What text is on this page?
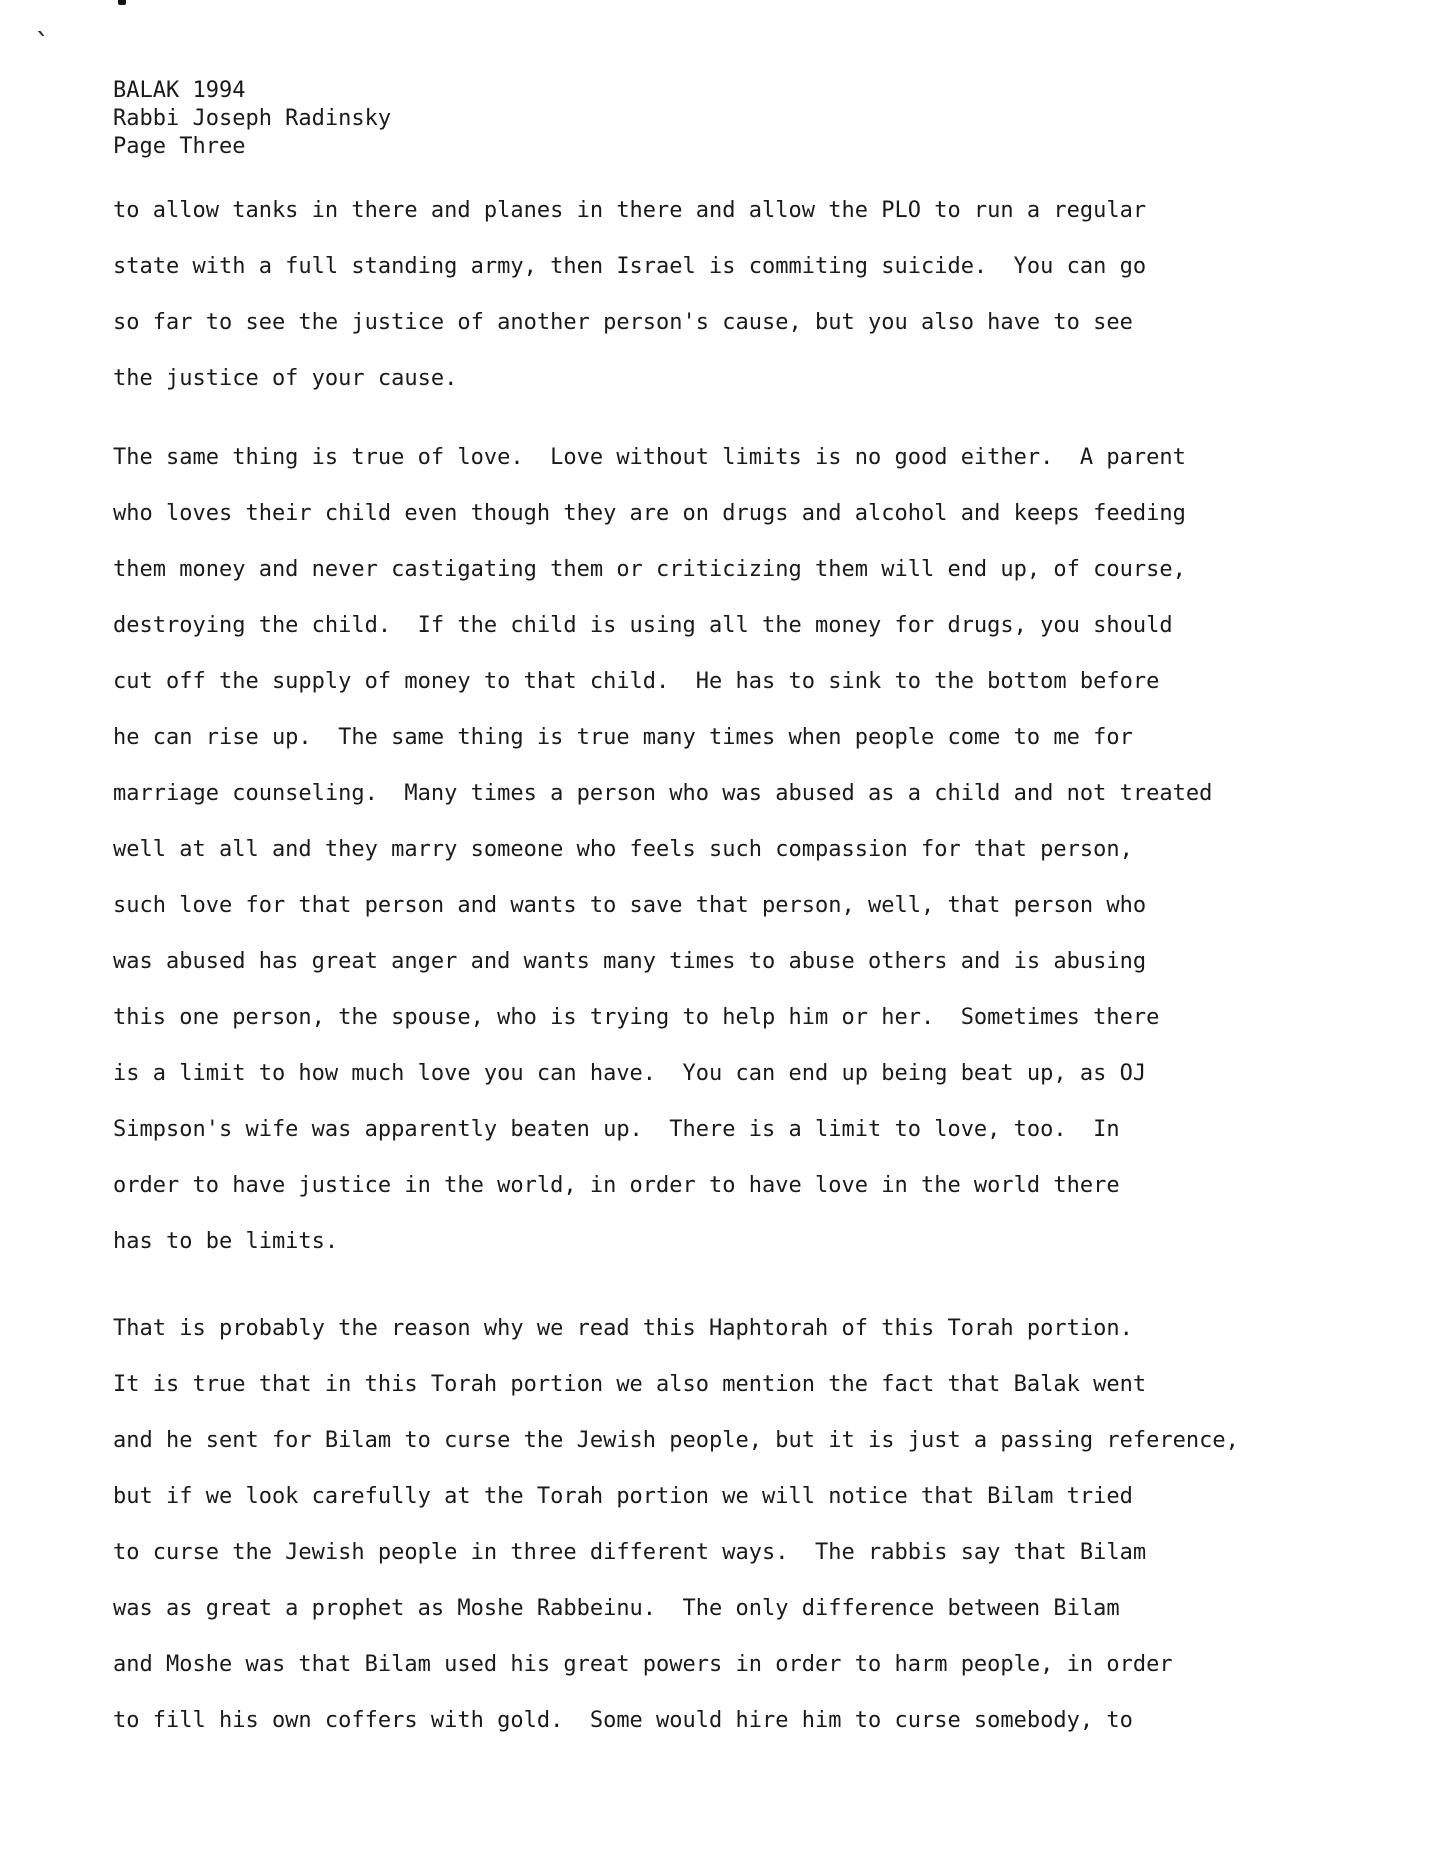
`
BALAK 1994
Rabbi Joseph Radinsky
Page Three
to allow tanks in there and planes in there and allow the PLO to run a regular
state with a full standing army, then Israel is commiting suicide.  You can go
so far to see the justice of another person's cause, but you also have to see
the justice of your cause.
The same thing is true of love.  Love without limits is no good either.  A parent
who loves their child even though they are on drugs and alcohol and keeps feeding
them money and never castigating them or criticizing them will end up, of course,
destroying the child.  If the child is using all the money for drugs, you should
cut off the supply of money to that child.  He has to sink to the bottom before
he can rise up.  The same thing is true many times when people come to me for
marriage counseling.  Many times a person who was abused as a child and not treated
well at all and they marry someone who feels such compassion for that person,
such love for that person and wants to save that person, well, that person who
was abused has great anger and wants many times to abuse others and is abusing
this one person, the spouse, who is trying to help him or her.  Sometimes there
is a limit to how much love you can have.  You can end up being beat up, as OJ
Simpson's wife was apparently beaten up.  There is a limit to love, too.  In
order to have justice in the world, in order to have love in the world there
has to be limits.
That is probably the reason why we read this Haphtorah of this Torah portion.
It is true that in this Torah portion we also mention the fact that Balak went
and he sent for Bilam to curse the Jewish people, but it is just a passing reference,
but if we look carefully at the Torah portion we will notice that Bilam tried
to curse the Jewish people in three different ways.  The rabbis say that Bilam
was as great a prophet as Moshe Rabbeinu.  The only difference between Bilam
and Moshe was that Bilam used his great powers in order to harm people, in order
to fill his own coffers with gold.  Some would hire him to curse somebody, to
